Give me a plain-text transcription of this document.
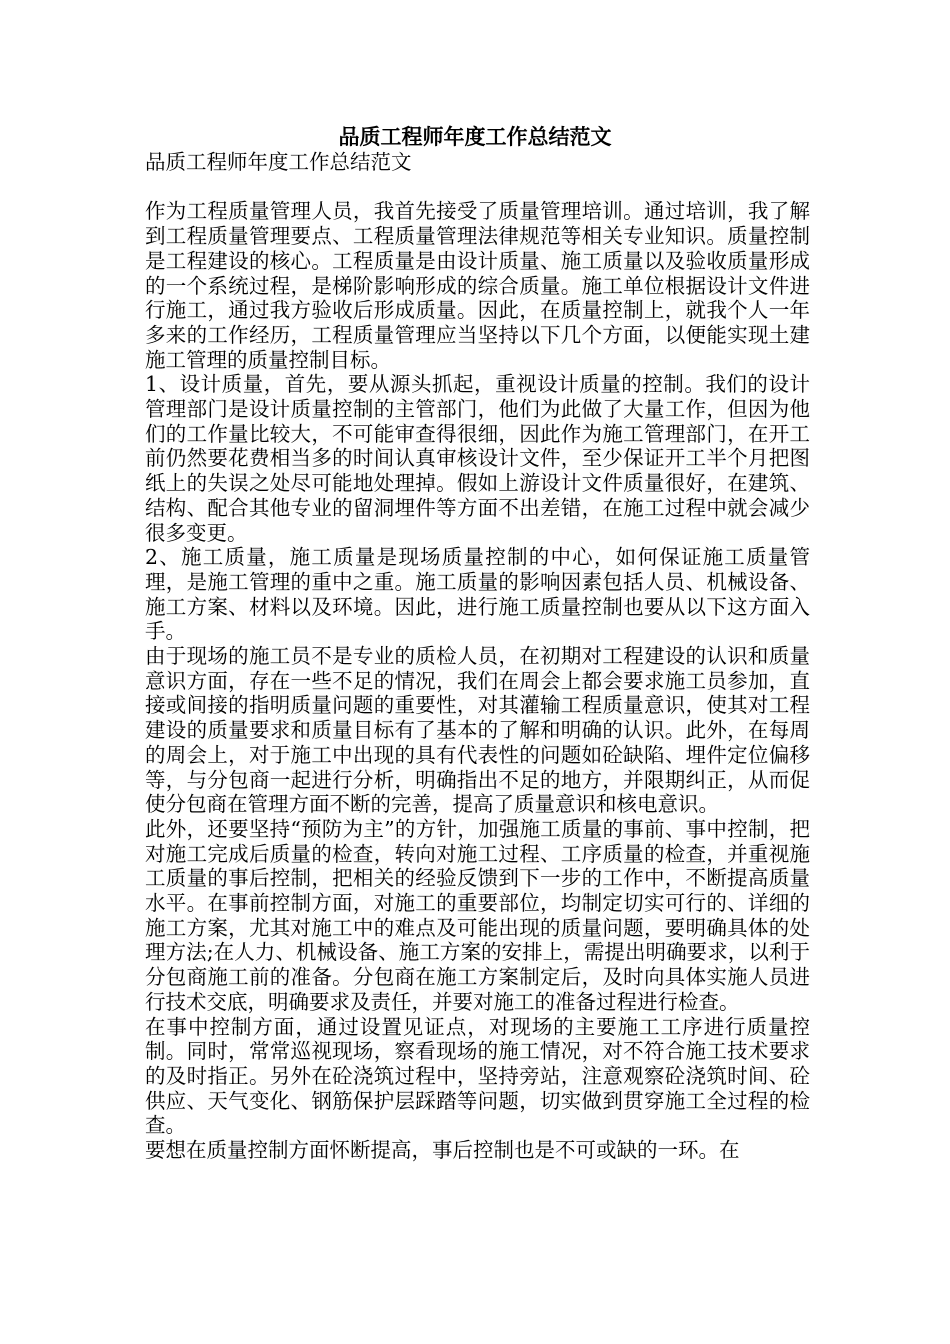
品质工程师年度工作总结范文

品质工程师年度工作总结范文

作为工程质量管理人员，我首先接受了质量管理培训。通过培训，我了解到工程质量管理要点、工程质量管理法律规范等相关专业知识。质量控制是工程建设的核心。工程质量是由设计质量、施工质量以及验收质量形成的一个系统过程，是梯阶影响形成的综合质量。施工单位根据设计文件进行施工，通过我方验收后形成质量。因此，在质量控制上，就我个人一年多来的工作经历，工程质量管理应当坚持以下几个方面，以便能实现土建施工管理的质量控制目标。

1、设计质量，首先，要从源头抓起，重视设计质量的控制。我们的设计管理部门是设计质量控制的主管部门，他们为此做了大量工作，但因为他们的工作量比较大，不可能审查得很细，因此作为施工管理部门，在开工前仍然要花费相当多的时间认真审核设计文件，至少保证开工半个月把图纸上的失误之处尽可能地处理掉。假如上游设计文件质量很好，在建筑、结构、配合其他专业的留洞埋件等方面不出差错，在施工过程中就会减少很多变更。

2、施工质量，施工质量是现场质量控制的中心，如何保证施工质量管理，是施工管理的重中之重。施工质量的影响因素包括人员、机械设备、施工方案、材料以及环境。因此，进行施工质量控制也要从以下这方面入手。

由于现场的施工员不是专业的质检人员，在初期对工程建设的认识和质量意识方面，存在一些不足的情况，我们在周会上都会要求施工员参加，直接或间接的指明质量问题的重要性，对其灌输工程质量意识，使其对工程建设的质量要求和质量目标有了基本的了解和明确的认识。此外，在每周的周会上，对于施工中出现的具有代表性的问题如砼缺陷、埋件定位偏移等，与分包商一起进行分析，明确指出不足的地方，并限期纠正，从而促使分包商在管理方面不断的完善，提高了质量意识和核电意识。

此外，还要坚持“预防为主”的方针，加强施工质量的事前、事中控制，把对施工完成后质量的检查，转向对施工过程、工序质量的检查，并重视施工质量的事后控制，把相关的经验反馈到下一步的工作中，不断提高质量水平。在事前控制方面，对施工的重要部位，均制定切实可行的、详细的施工方案，尤其对施工中的难点及可能出现的质量问题，要明确具体的处理方法;在人力、机械设备、施工方案的安排上，需提出明确要求，以利于分包商施工前的准备。分包商在施工方案制定后，及时向具体实施人员进行技术交底，明确要求及责任，并要对施工的准备过程进行检查。

在事中控制方面，通过设置见证点，对现场的主要施工工序进行质量控制。同时，常常巡视现场，察看现场的施工情况，对不符合施工技术要求的及时指正。另外在砼浇筑过程中，坚持旁站，注意观察砼浇筑时间、砼供应、天气变化、钢筋保护层踩踏等问题，切实做到贯穿施工全过程的检查。

要想在质量控制方面怀断提高，事后控制也是不可或缺的一环。在
